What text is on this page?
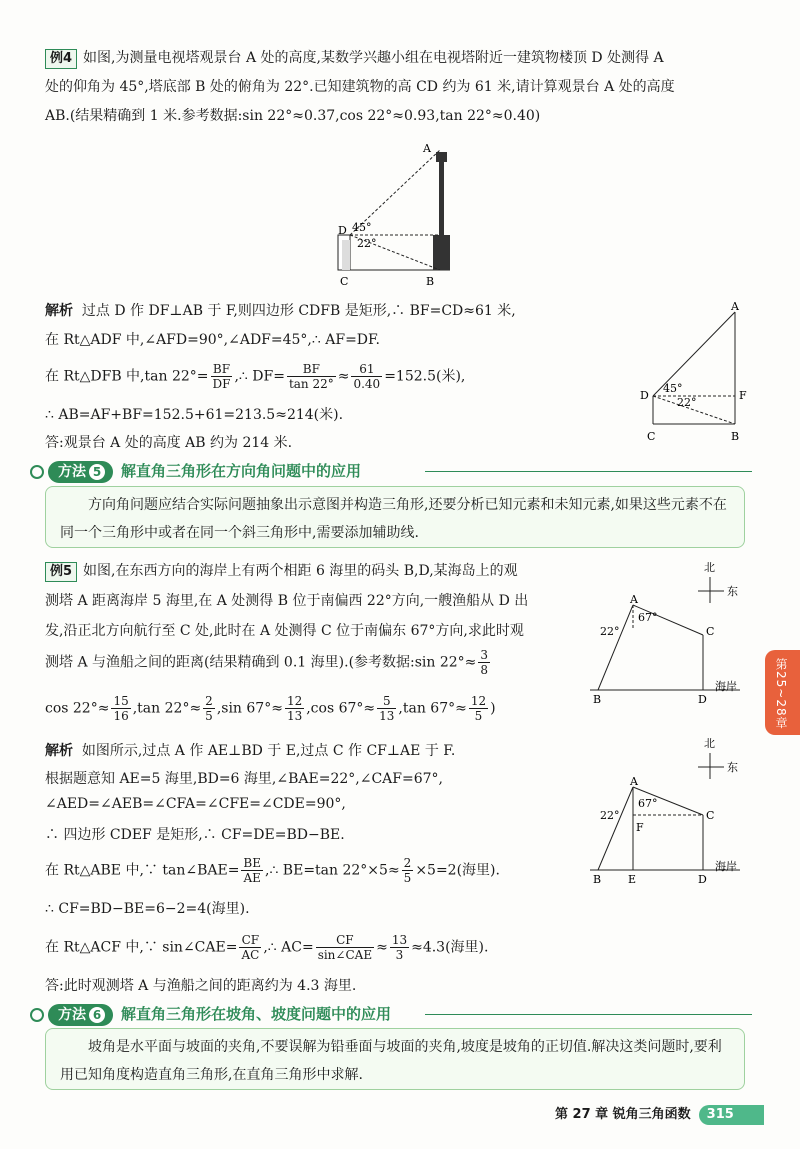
例4 如图,为测量电视塔观景台 A 处的高度,某数学兴趣小组在电视塔附近一建筑物楼顶 D 处测得 A
处的仰角为 45°,塔底部 B 处的俯角为 22°.已知建筑物的高 CD 约为 61 米,请计算观景台 A 处的高度
AB.(结果精确到 1 米.参考数据:sin 22°≈0.37,cos 22°≈0.93,tan 22°≈0.40)
A
D 45°
22°
C	B
解析 过点 D 作 DF⊥AB 于 F,则四边形 CDFB 是矩形,∴ BF=CD≈61 米,
在 Rt△ADF 中,∠AFD=90°,∠ADF=45°,∴ AF=DF.
在 Rt△DFB 中,tan $22^\circ= \frac{BF}{DF}$ ,∴ $DF= \frac{BF}{\tan 22^\circ} \approx \frac{61}{0.40} =152.5$(米),
∴ AB=AF+BF=152.5+61=213.5≈214(米).
答:观景台 A 处的高度 AB 约为 214 米.
A
D	F
45°
22°
C	B
方法 5 解直角三角形在方向角问题中的应用
方向角问题应结合实际问题抽象出示意图并构造三角形,还要分析已知元素和未知元素,如果这些元素不在同一个三角形中或者在同一个斜三角形中,需要添加辅助线.
例5 如图,在东西方向的海岸上有两个相距 6 海里的码头 B,D,某海岛上的观
测塔 A 距离海岸 5 海里,在 A 处测得 B 位于南偏西 22°方向,一艘渔船从 D 出
发,沿正北方向航行至 C 处,此时在 A 处测得 C 位于南偏东 67°方向,求此时观
测塔 A 与渔船之间的距离(结果精确到 0.1 海里).(参考数据:sin $22^\circ\approx \frac{3}{8}$
$\cos 22^\circ\approx \frac{15}{16} ,\tan$ $22^\circ\approx \frac{2}{5} ,\sin$ $67^\circ\approx \frac{12}{13} ,\cos$ $67^\circ\approx \frac{5}{13} ,\tan$ $67^\circ\approx \frac{12}{5}$ )
北
东
A
67°
22°	C
B	D
海岸
解析 如图所示,过点 A 作 AE⊥BD 于 E,过点 C 作 CF⊥AE 于 F.
根据题意知 AE=5 海里,BD=6 海里,∠BAE=22°,∠CAF=67°,
∠AED=∠AEB=∠CFA=∠CFE=∠CDE=90°,
∴ 四边形 CDEF 是矩形,∴ CF=DE=BD−BE.
在 Rt△ABE 中,∵ tan∠BAE= $\frac{BE}{AE}$ ,∴ BE=tan $22^\circ\times 5\approx \frac{2}{5} \times 5=2$(海里).
∴ CF=BD−BE=6−2=4(海里).
在 Rt△ACF 中,∵ sin∠CAE= $\frac{CF}{AC}$ ,∴ $AC= \frac{CF}{\text{sin∠CAE}} \approx \frac{13}{3} \approx 4.3$(海里).
答:此时观测塔 A 与渔船之间的距离约为 4.3 海里.
北
东
A
F
67°
22°	C
B E	D
海岸
方法 6 解直角三角形在坡角、坡度问题中的应用
坡角是水平面与坡面的夹角,不要误解为铅垂面与坡面的夹角,坡度是坡角的正切值.解决这类问题时,要利用已知角度构造直角三角形,在直角三角形中求解.
第25~28章
第 27 章 锐角三角函数 315
